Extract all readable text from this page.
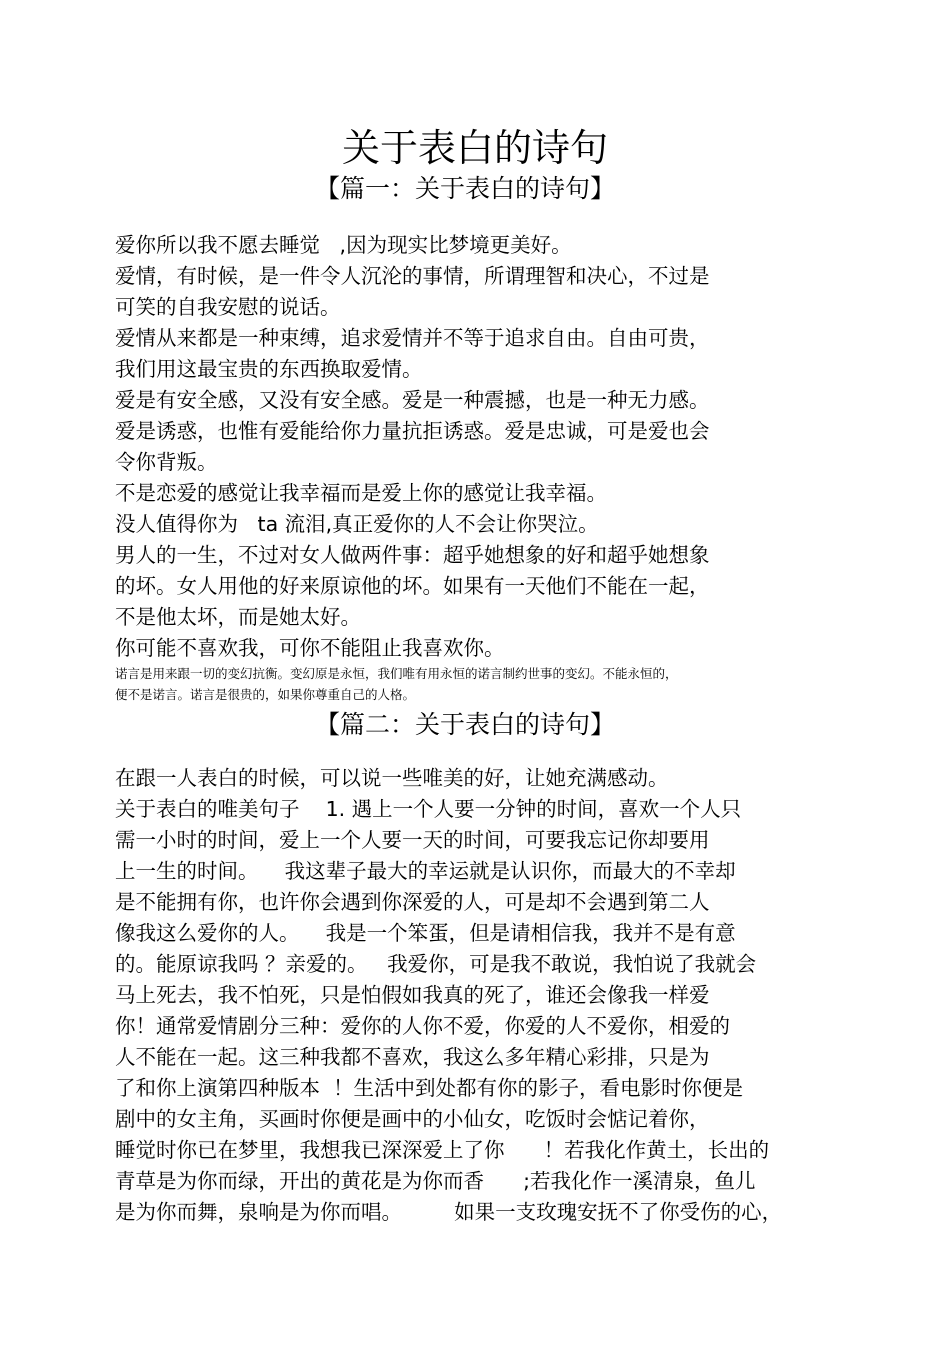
关于表白的诗句
【篇一：关于表白的诗句】
爱你所以我不愿去睡觉   ,因为现实比梦境更美好。
爱情，有时候，是一件令人沉沦的事情，所谓理智和决心，不过是
可笑的自我安慰的说话。
爱情从来都是一种束缚，追求爱情并不等于追求自由。自由可贵，
我们用这最宝贵的东西换取爱情。
爱是有安全感，又没有安全感。爱是一种震撼，也是一种无力感。
爱是诱惑，也惟有爱能给你力量抗拒诱惑。爱是忠诚，可是爱也会
令你背叛。
不是恋爱的感觉让我幸福而是爱上你的感觉让我幸福。
没人值得你为   ta 流泪,真正爱你的人不会让你哭泣。
男人的一生，不过对女人做两件事：超乎她想象的好和超乎她想象
的坏。女人用他的好来原谅他的坏。如果有一天他们不能在一起，
不是他太坏，而是她太好。
你可能不喜欢我，可你不能阻止我喜欢你。
诺言是用来跟一切的变幻抗衡。变幻原是永恒，我们唯有用永恒的诺言制约世事的变幻。不能永恒的，
便不是诺言。诺言是很贵的，如果你尊重自己的人格。
【篇二：关于表白的诗句】
在跟一人表白的时候，可以说一些唯美的好，让她充满感动。
关于表白的唯美句子    1. 遇上一个人要一分钟的时间，喜欢一个人只
需一小时的时间，爱上一个人要一天的时间，可要我忘记你却要用
上一生的时间。    我这辈子最大的幸运就是认识你，而最大的不幸却
是不能拥有你，也许你会遇到你深爱的人，可是却不会遇到第二人
像我这么爱你的人。    我是一个笨蛋，但是请相信我，我并不是有意
的。能原谅我吗 ？亲爱的。   我爱你，可是我不敢说，我怕说了我就会
马上死去，我不怕死，只是怕假如我真的死了，谁还会像我一样爱
你！通常爱情剧分三种：爱你的人你不爱，你爱的人不爱你，相爱的
人不能在一起。这三种我都不喜欢，我这么多年精心彩排，只是为
了和你上演第四种版本  ！生活中到处都有你的影子，看电影时你便是
剧中的女主角，买画时你便是画中的小仙女，吃饭时会惦记着你，
睡觉时你已在梦里，我想我已深深爱上了你      ！若我化作黄土，长出的
青草是为你而绿，开出的黄花是为你而香      ;若我化作一溪清泉，鱼儿
是为你而舞，泉响是为你而唱。        如果一支玫瑰安抚不了你受伤的心，
